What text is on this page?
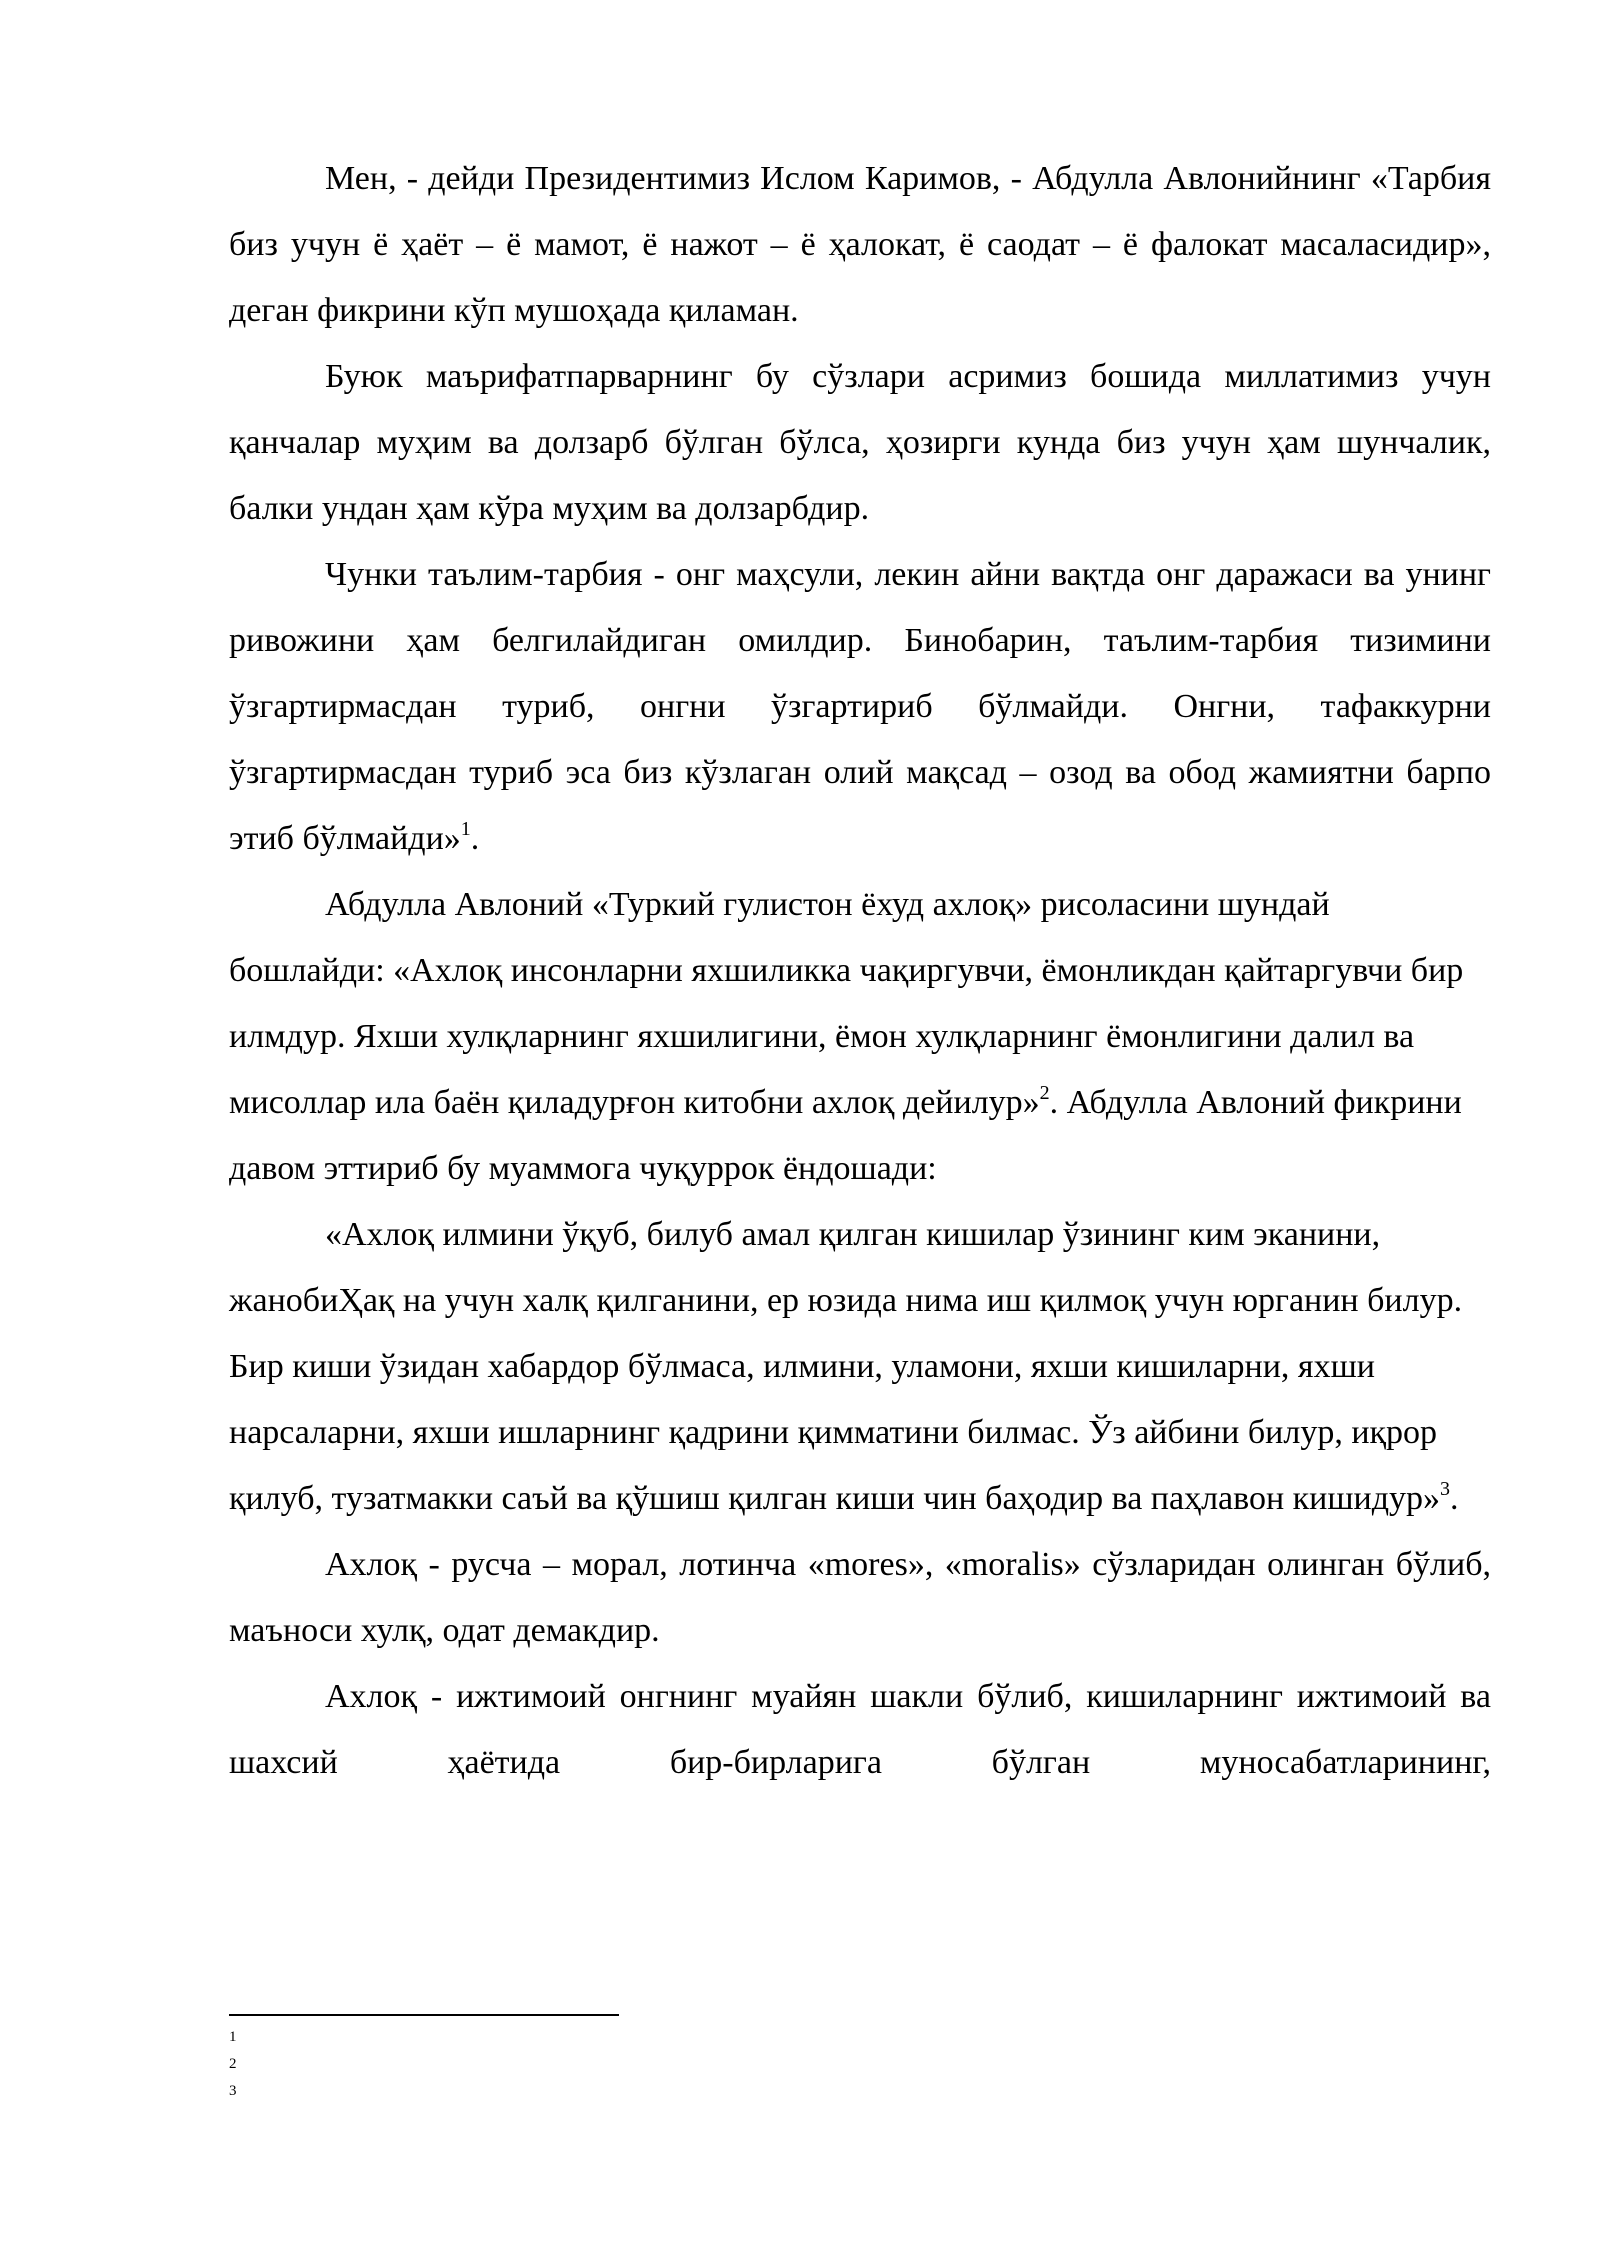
Мен, - дейди Президентимиз Ислом Каримов, - Абдулла Авлонийнинг «Тарбия биз учун ё ҳаёт – ё мамот, ё нажот – ё ҳалокат, ё саодат – ё фалокат масаласидир», деган фикрини кўп мушоҳада қиламан.

Буюк маърифатпарварнинг бу сўзлари асримиз бошида миллатимиз учун қанчалар муҳим ва долзарб бўлган бўлса, ҳозирги кунда биз учун ҳам шунчалик, балки ундан ҳам кўра муҳим ва долзарбдир.

Чунки таълим-тарбия - онг маҳсули, лекин айни вақтда онг даражаси ва унинг ривожини ҳам белгилайдиган омилдир. Бинобарин, таълим-тарбия тизимини ўзгартирмасдан туриб, онгни ўзгартириб бўлмайди. Онгни, тафаккурни ўзгартирмасдан туриб эса биз кўзлаган олий мақсад – озод ва обод жамиятни барпо этиб бўлмайди»$^1$.

Абдулла Авлоний «Туркий гулистон ёхуд ахлоқ» рисоласини шундай бошлайди: «Ахлоқ инсонларни яхшиликка чақиргувчи, ёмонликдан қайтаргувчи бир илмдур. Яхши хулқларнинг яхшилигини, ёмон хулқларнинг ёмонлигини далил ва мисоллар ила баён қиладурғон китобни ахлоқ дейилур»$^2$. Абдулла Авлоний фикрини давом эттириб бу муаммога чуқуррок ёндошади:

«Ахлоқ илмини ўқуб, билуб амал қилган кишилар ўзининг ким эканини, жанобиҲақ на учун халқ қилганини, ер юзида нима иш қилмоқ учун юрганин билур. Бир киши ўзидан хабардор бўлмаса, илмини, уламони, яхши кишиларни, яхши нарсаларни, яхши ишларнинг қадрини қимматини билмас. Ўз айбини билур, иқрор қилуб, тузатмакки саъй ва қўшиш қилган киши чин баҳодир ва паҳлавон кишидур»$^3$.

Ахлоқ - русча – морал, лотинча «mores», «moralis» сўзларидан олинган бўлиб, маъноси хулқ, одат демакдир.

Ахлоқ - ижтимоий онгнинг муайян шакли бўлиб, кишиларнинг ижтимоий ва шахсий ҳаётида бир-бирларига бўлган муносабатларининг,

1
2
3
